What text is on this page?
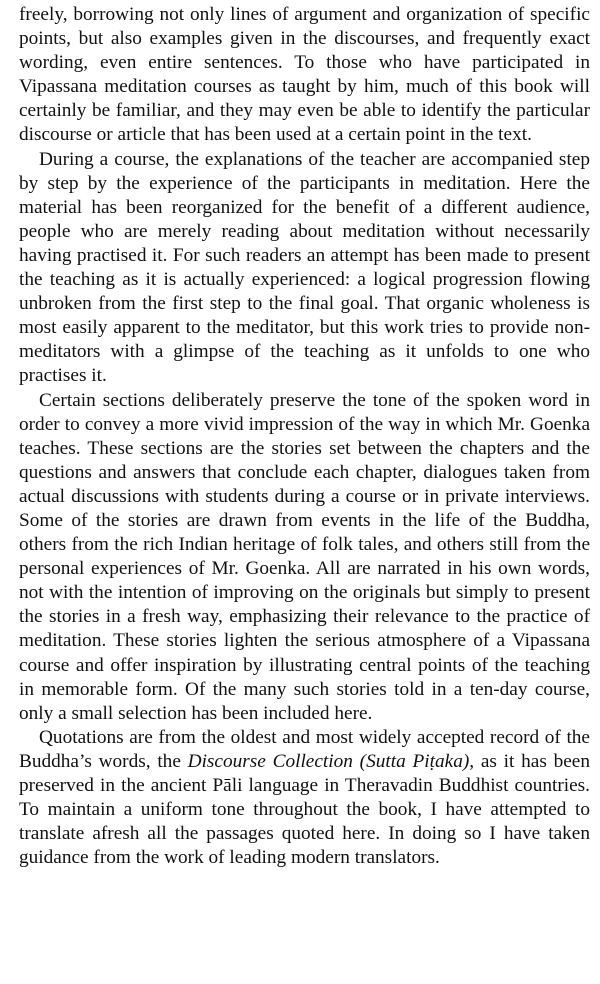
freely, borrowing not only lines of argument and organization of specific points, but also examples given in the discourses, and frequently exact wording, even entire sentences. To those who have participated in Vipassana meditation courses as taught by him, much of this book will certainly be familiar, and they may even be able to identify the particular discourse or article that has been used at a certain point in the text.

During a course, the explanations of the teacher are accompanied step by step by the experience of the participants in meditation. Here the material has been reorganized for the benefit of a different audience, people who are merely reading about meditation without necessarily having practised it. For such readers an attempt has been made to present the teaching as it is actually experienced: a logical progression flowing unbroken from the first step to the final goal. That organic wholeness is most easily apparent to the meditator, but this work tries to provide non-meditators with a glimpse of the teaching as it unfolds to one who practises it.

Certain sections deliberately preserve the tone of the spoken word in order to convey a more vivid impression of the way in which Mr. Goenka teaches. These sections are the stories set between the chapters and the questions and answers that conclude each chapter, dialogues taken from actual discussions with students during a course or in private interviews. Some of the stories are drawn from events in the life of the Buddha, others from the rich Indian heritage of folk tales, and others still from the personal experiences of Mr. Goenka. All are narrated in his own words, not with the intention of improving on the originals but simply to present the stories in a fresh way, emphasizing their relevance to the practice of meditation. These stories lighten the serious atmosphere of a Vipassana course and offer inspiration by illustrating central points of the teaching in memorable form. Of the many such stories told in a ten-day course, only a small selection has been included here.

Quotations are from the oldest and most widely accepted record of the Buddha’s words, the Discourse Collection (Sutta Piṭaka), as it has been preserved in the ancient Pāli language in Theravadin Buddhist countries. To maintain a uniform tone throughout the book, I have attempted to translate afresh all the passages quoted here. In doing so I have taken guidance from the work of leading modern translators.
